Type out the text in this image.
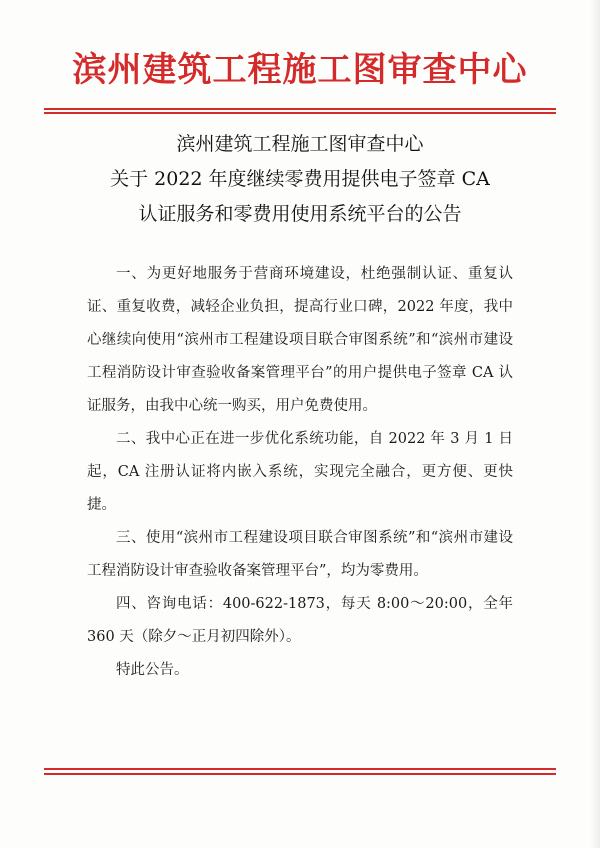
滨州建筑工程施工图审查中心
滨州建筑工程施工图审查中心
关于 2022 年度继续零费用提供电子签章 CA
认证服务和零费用使用系统平台的公告

一、为更好地服务于营商环境建设，杜绝强制认证、重复认证、重复收费，减轻企业负担，提高行业口碑，2022 年度，我中心继续向使用“滨州市工程建设项目联合审图系统”和“滨州市建设工程消防设计审查验收备案管理平台”的用户提供电子签章 CA 认证服务，由我中心统一购买，用户免费使用。

二、我中心正在进一步优化系统功能，自 2022 年 3 月 1 日起，CA 注册认证将内嵌入系统，实现完全融合，更方便、更快捷。

三、使用“滨州市工程建设项目联合审图系统”和“滨州市建设工程消防设计审查验收备案管理平台”，均为零费用。

四、咨询电话：400-622-1873，每天 8:00～20:00，全年 360 天（除夕～正月初四除外）。

特此公告。
